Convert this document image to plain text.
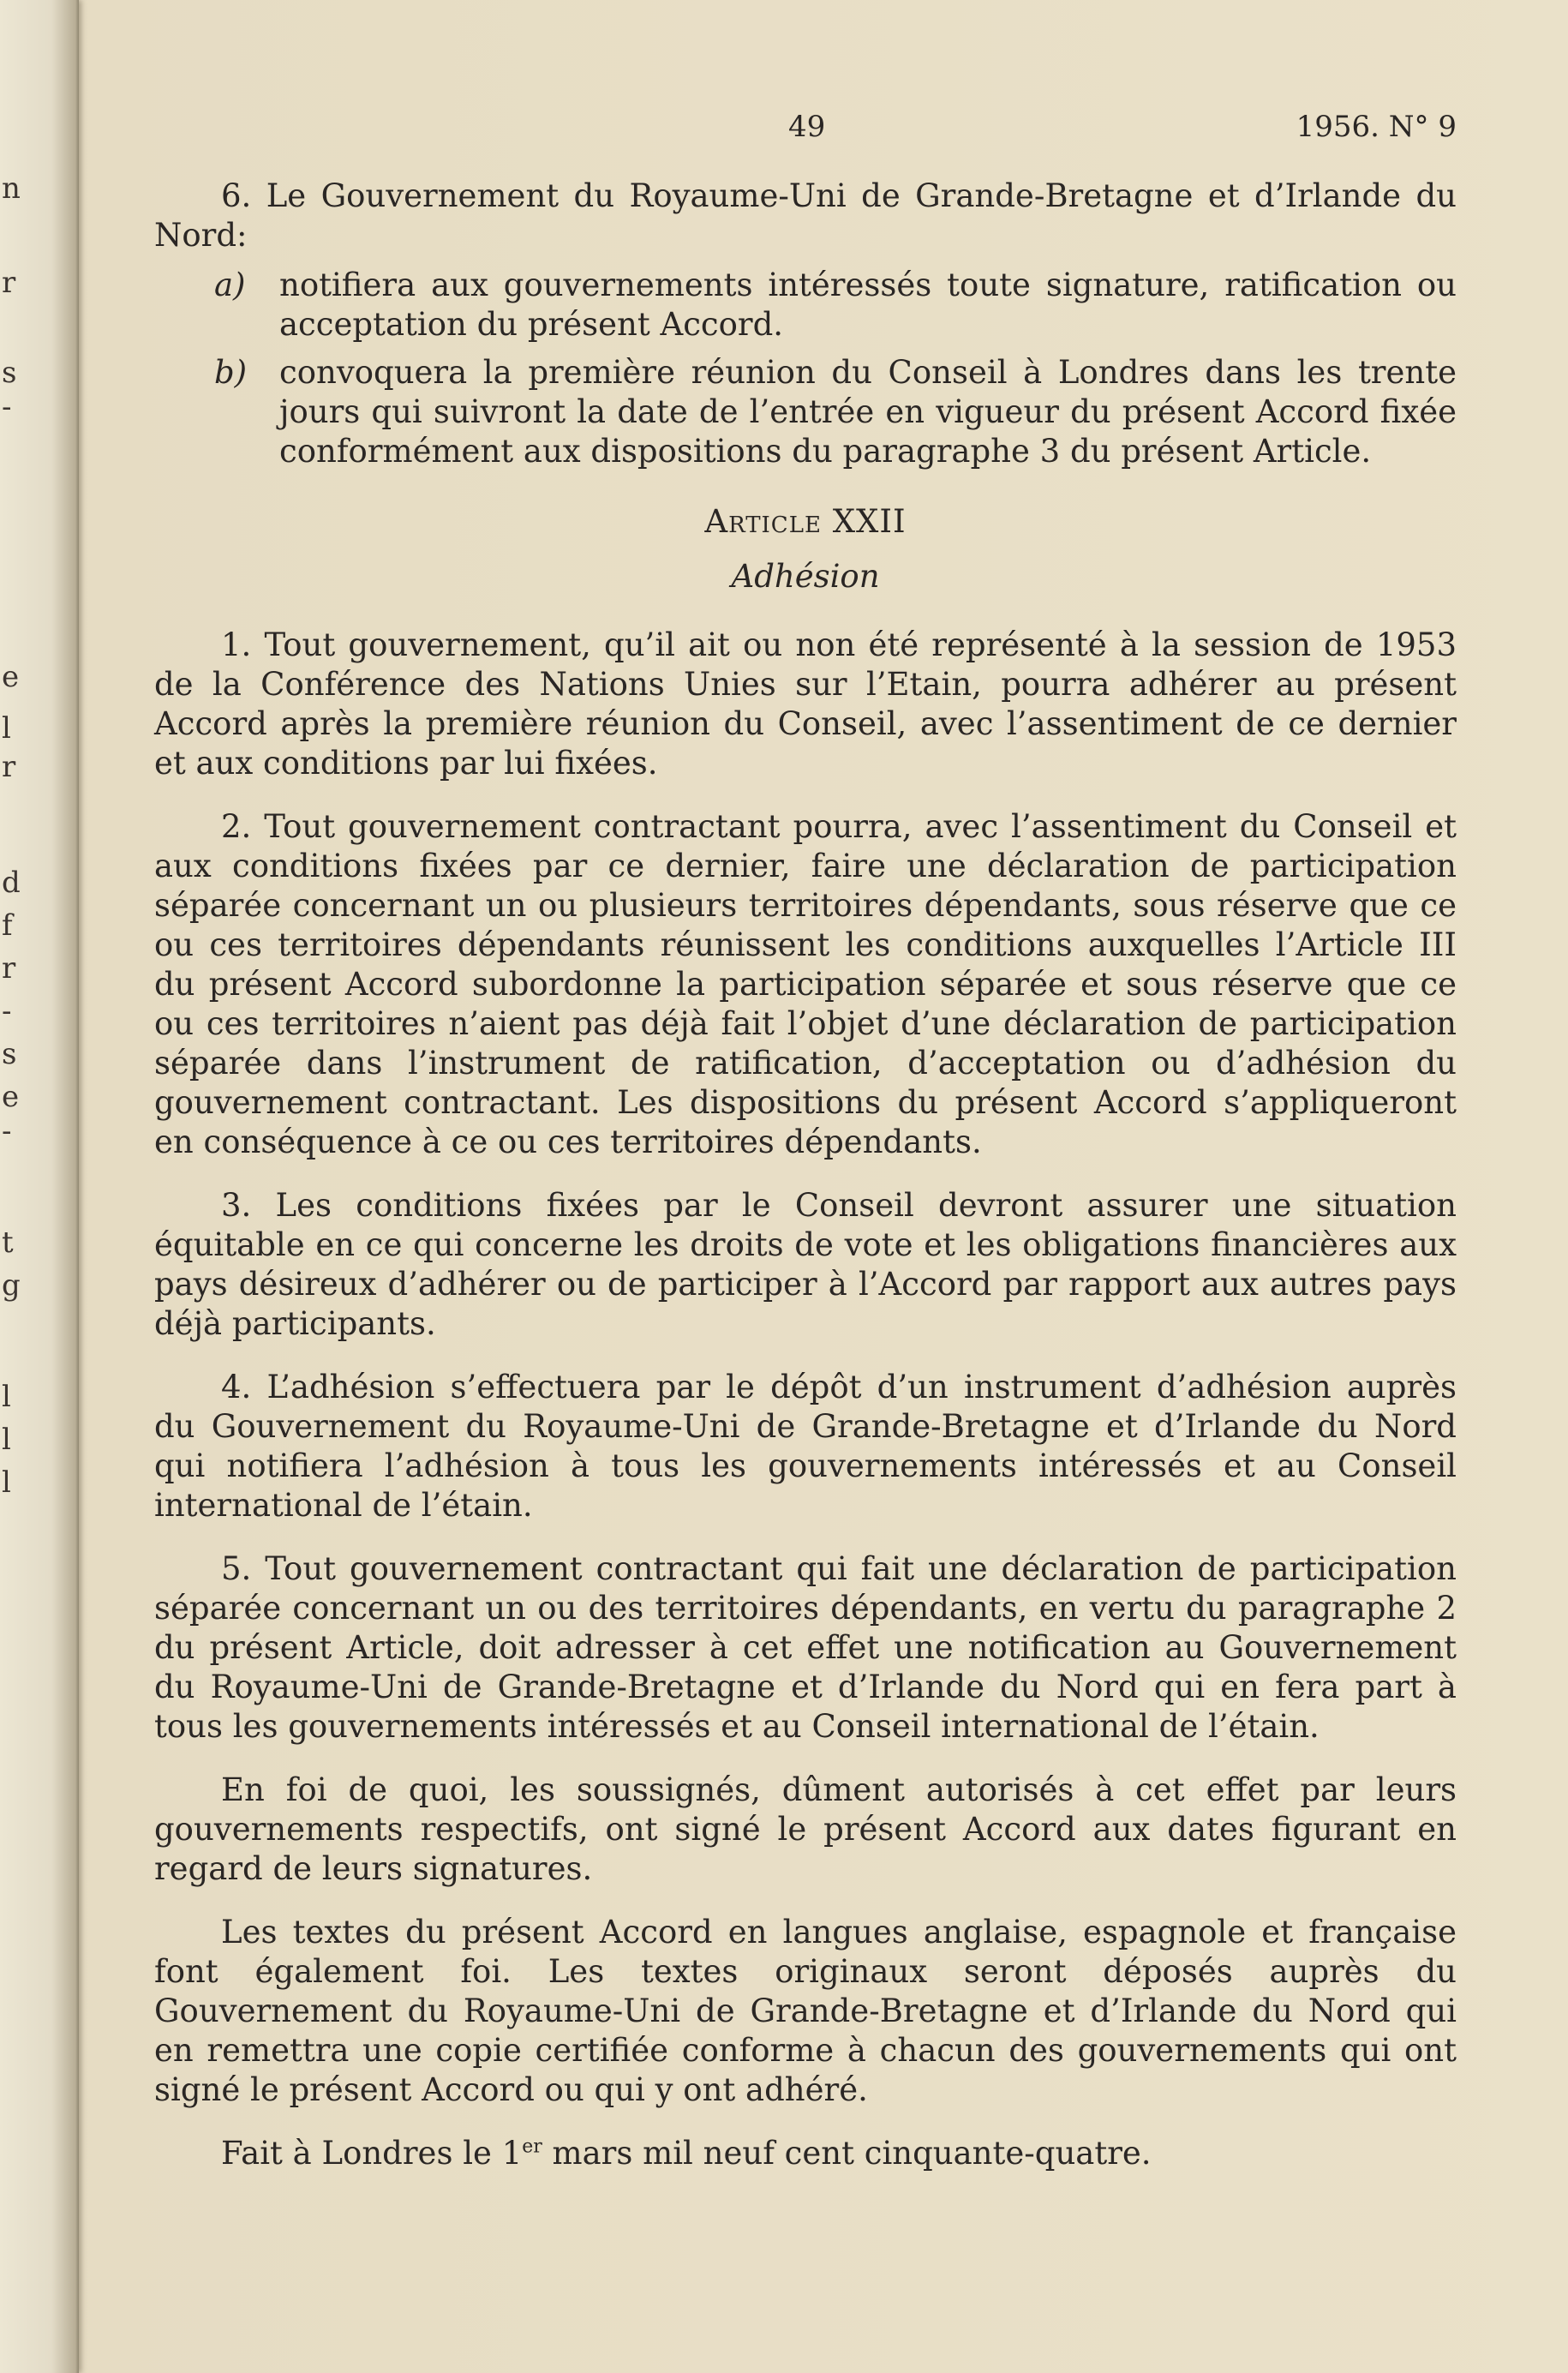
n
r
s
-
e
l
r
d
f
r
-
s
e
-
t
g
l
l
l
49	1956. N° 9

6. Le Gouvernement du Royaume-Uni de Grande-Bretagne et d’Irlande du Nord:

a)	notifiera aux gouvernements intéressés toute signature, ratification ou acceptation du présent Accord.
b)	convoquera la première réunion du Conseil à Londres dans les trente jours qui suivront la date de l’entrée en vigueur du présent Accord fixée conformément aux dispositions du paragraphe 3 du présent Article.

Article XXII

Adhésion

1. Tout gouvernement, qu’il ait ou non été représenté à la session de 1953 de la Conférence des Nations Unies sur l’Etain, pourra adhérer au présent Accord après la première réunion du Conseil, avec l’assentiment de ce dernier et aux conditions par lui fixées.

2. Tout gouvernement contractant pourra, avec l’assentiment du Conseil et aux conditions fixées par ce dernier, faire une déclaration de participation séparée concernant un ou plusieurs territoires dépendants, sous réserve que ce ou ces territoires dépendants réunissent les conditions auxquelles l’Article III du présent Accord subordonne la participation séparée et sous réserve que ce ou ces territoires n’aient pas déjà fait l’objet d’une déclaration de participation séparée dans l’instrument de ratification, d’acceptation ou d’adhésion du gouvernement contractant. Les dispositions du présent Accord s’appliqueront en conséquence à ce ou ces territoires dépendants.

3. Les conditions fixées par le Conseil devront assurer une situation équitable en ce qui concerne les droits de vote et les obligations financières aux pays désireux d’adhérer ou de participer à l’Accord par rapport aux autres pays déjà participants.

4. L’adhésion s’effectuera par le dépôt d’un instrument d’adhésion auprès du Gouvernement du Royaume-Uni de Grande-Bretagne et d’Irlande du Nord qui notifiera l’adhésion à tous les gouvernements intéressés et au Conseil international de l’étain.

5. Tout gouvernement contractant qui fait une déclaration de participation séparée concernant un ou des territoires dépendants, en vertu du paragraphe 2 du présent Article, doit adresser à cet effet une notification au Gouvernement du Royaume-Uni de Grande-Bretagne et d’Irlande du Nord qui en fera part à tous les gouvernements intéressés et au Conseil international de l’étain.

En foi de quoi, les soussignés, dûment autorisés à cet effet par leurs gouvernements respectifs, ont signé le présent Accord aux dates figurant en regard de leurs signatures.

Les textes du présent Accord en langues anglaise, espagnole et française font également foi. Les textes originaux seront déposés auprès du Gouvernement du Royaume-Uni de Grande-Bretagne et d’Irlande du Nord qui en remettra une copie certifiée conforme à chacun des gouvernements qui ont signé le présent Accord ou qui y ont adhéré.

Fait à Londres le 1er mars mil neuf cent cinquante-quatre.
